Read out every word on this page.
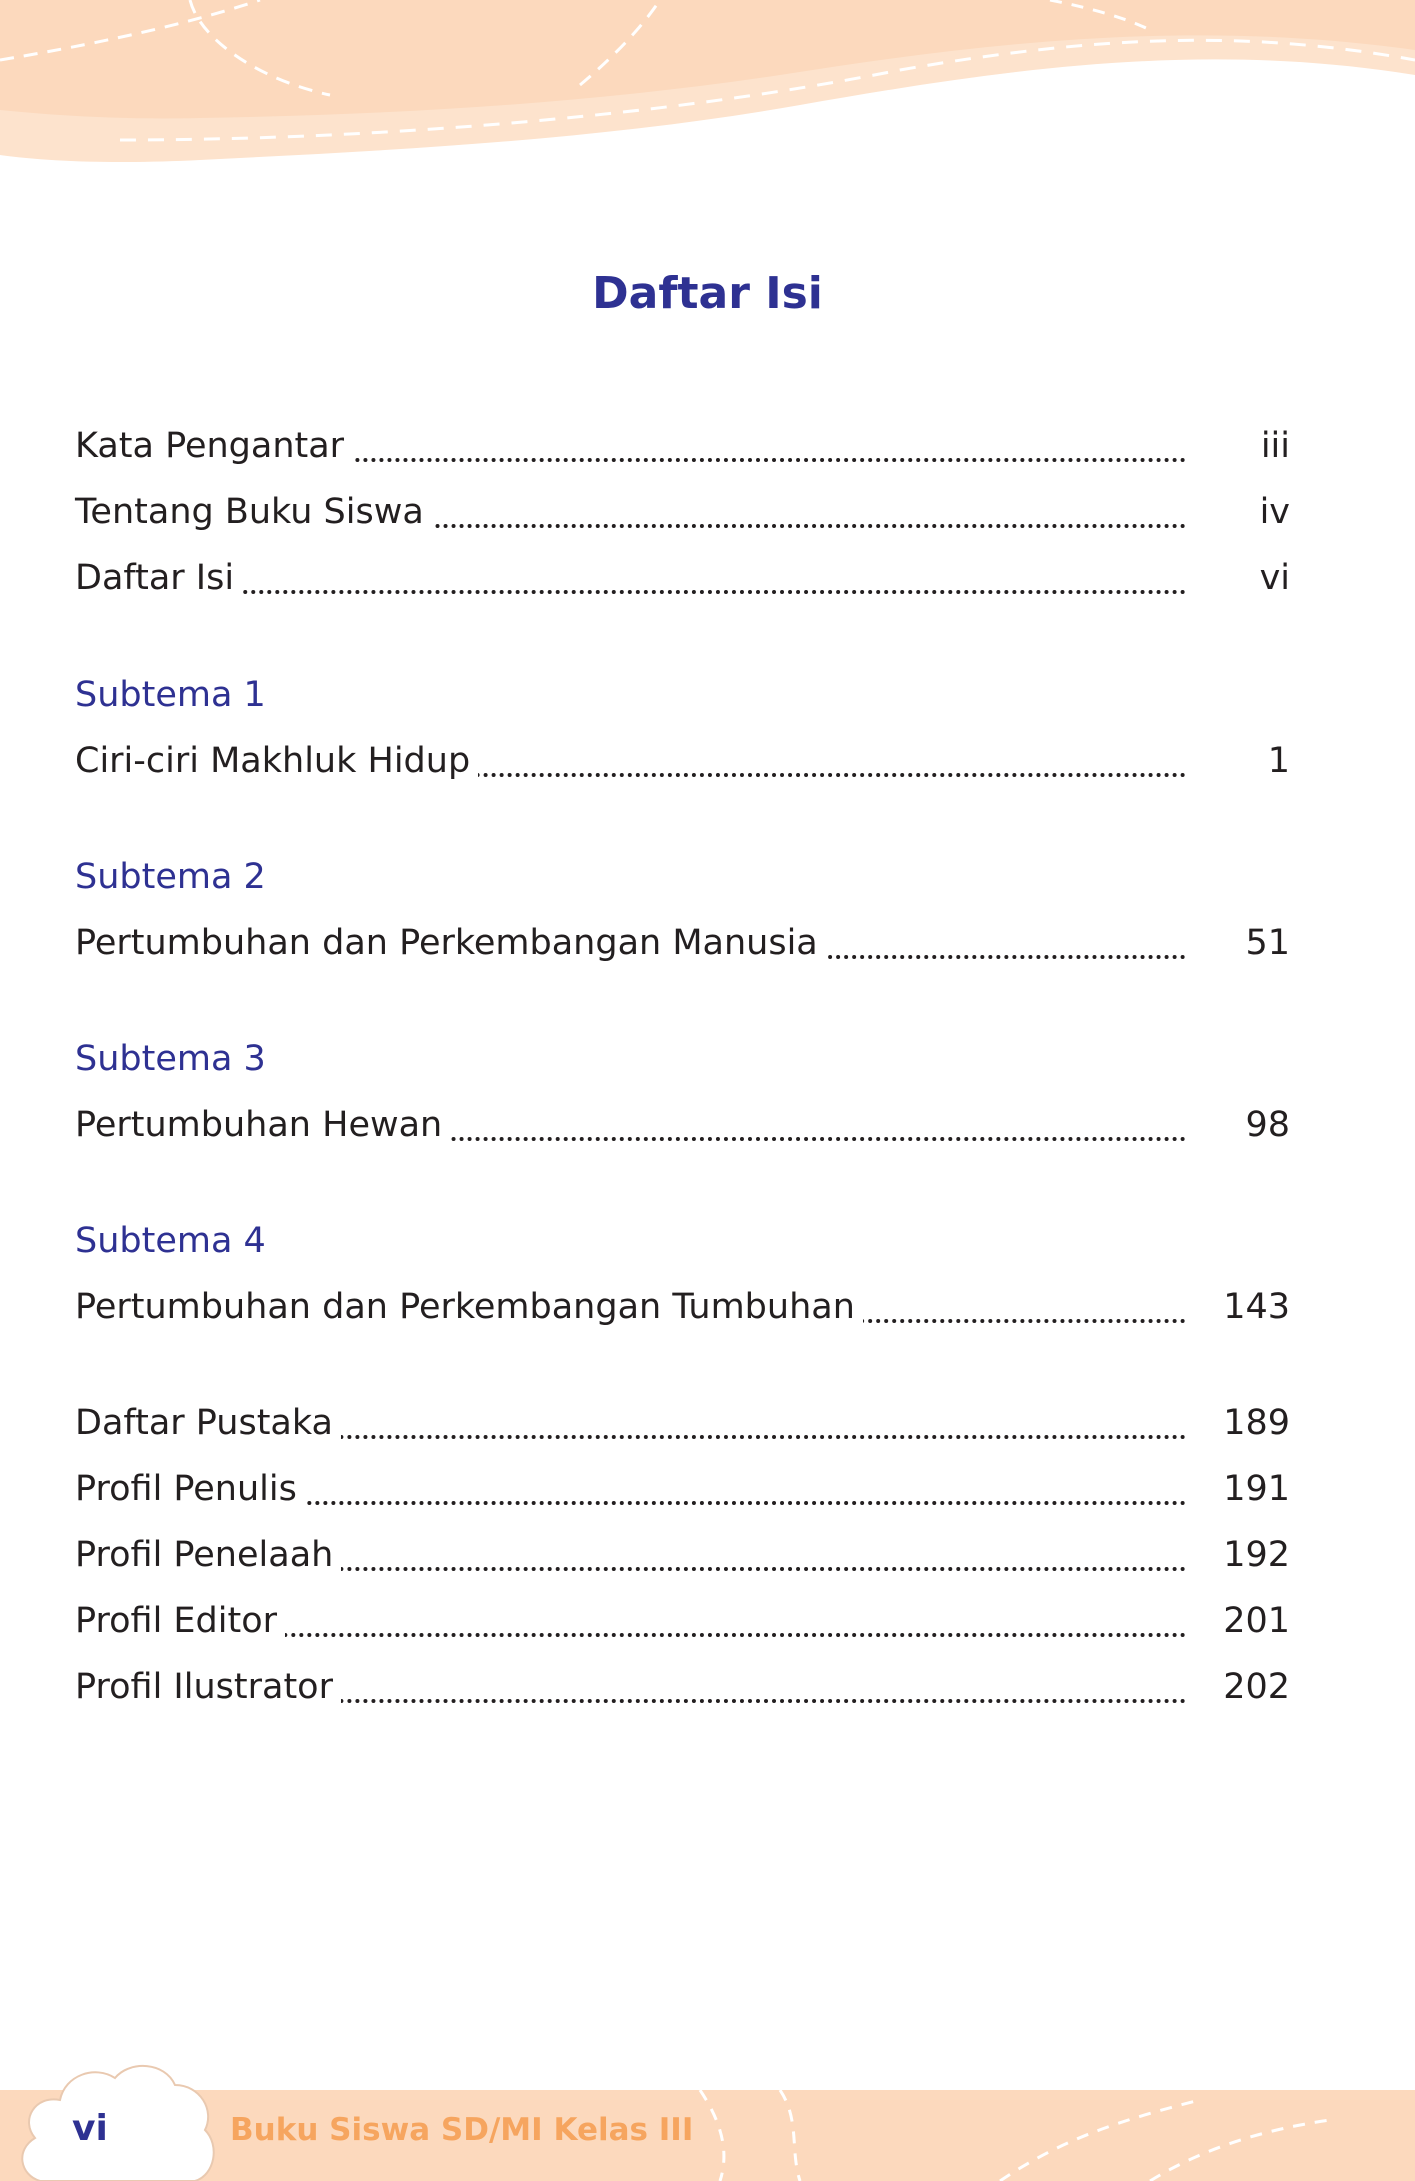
Daftar Isi
Kata Pengantar	iii
Tentang Buku Siswa	iv
Daftar Isi	vi
Subtema 1
Ciri-ciri Makhluk Hidup	1
Subtema 2
Pertumbuhan dan Perkembangan Manusia	51
Subtema 3
Pertumbuhan Hewan	98
Subtema 4
Pertumbuhan dan Perkembangan Tumbuhan	143
Daftar Pustaka	189
Profil Penulis	191
Profil Penelaah	192
Profil Editor	201
Profil Ilustrator	202
vi	Buku Siswa SD/MI Kelas III
